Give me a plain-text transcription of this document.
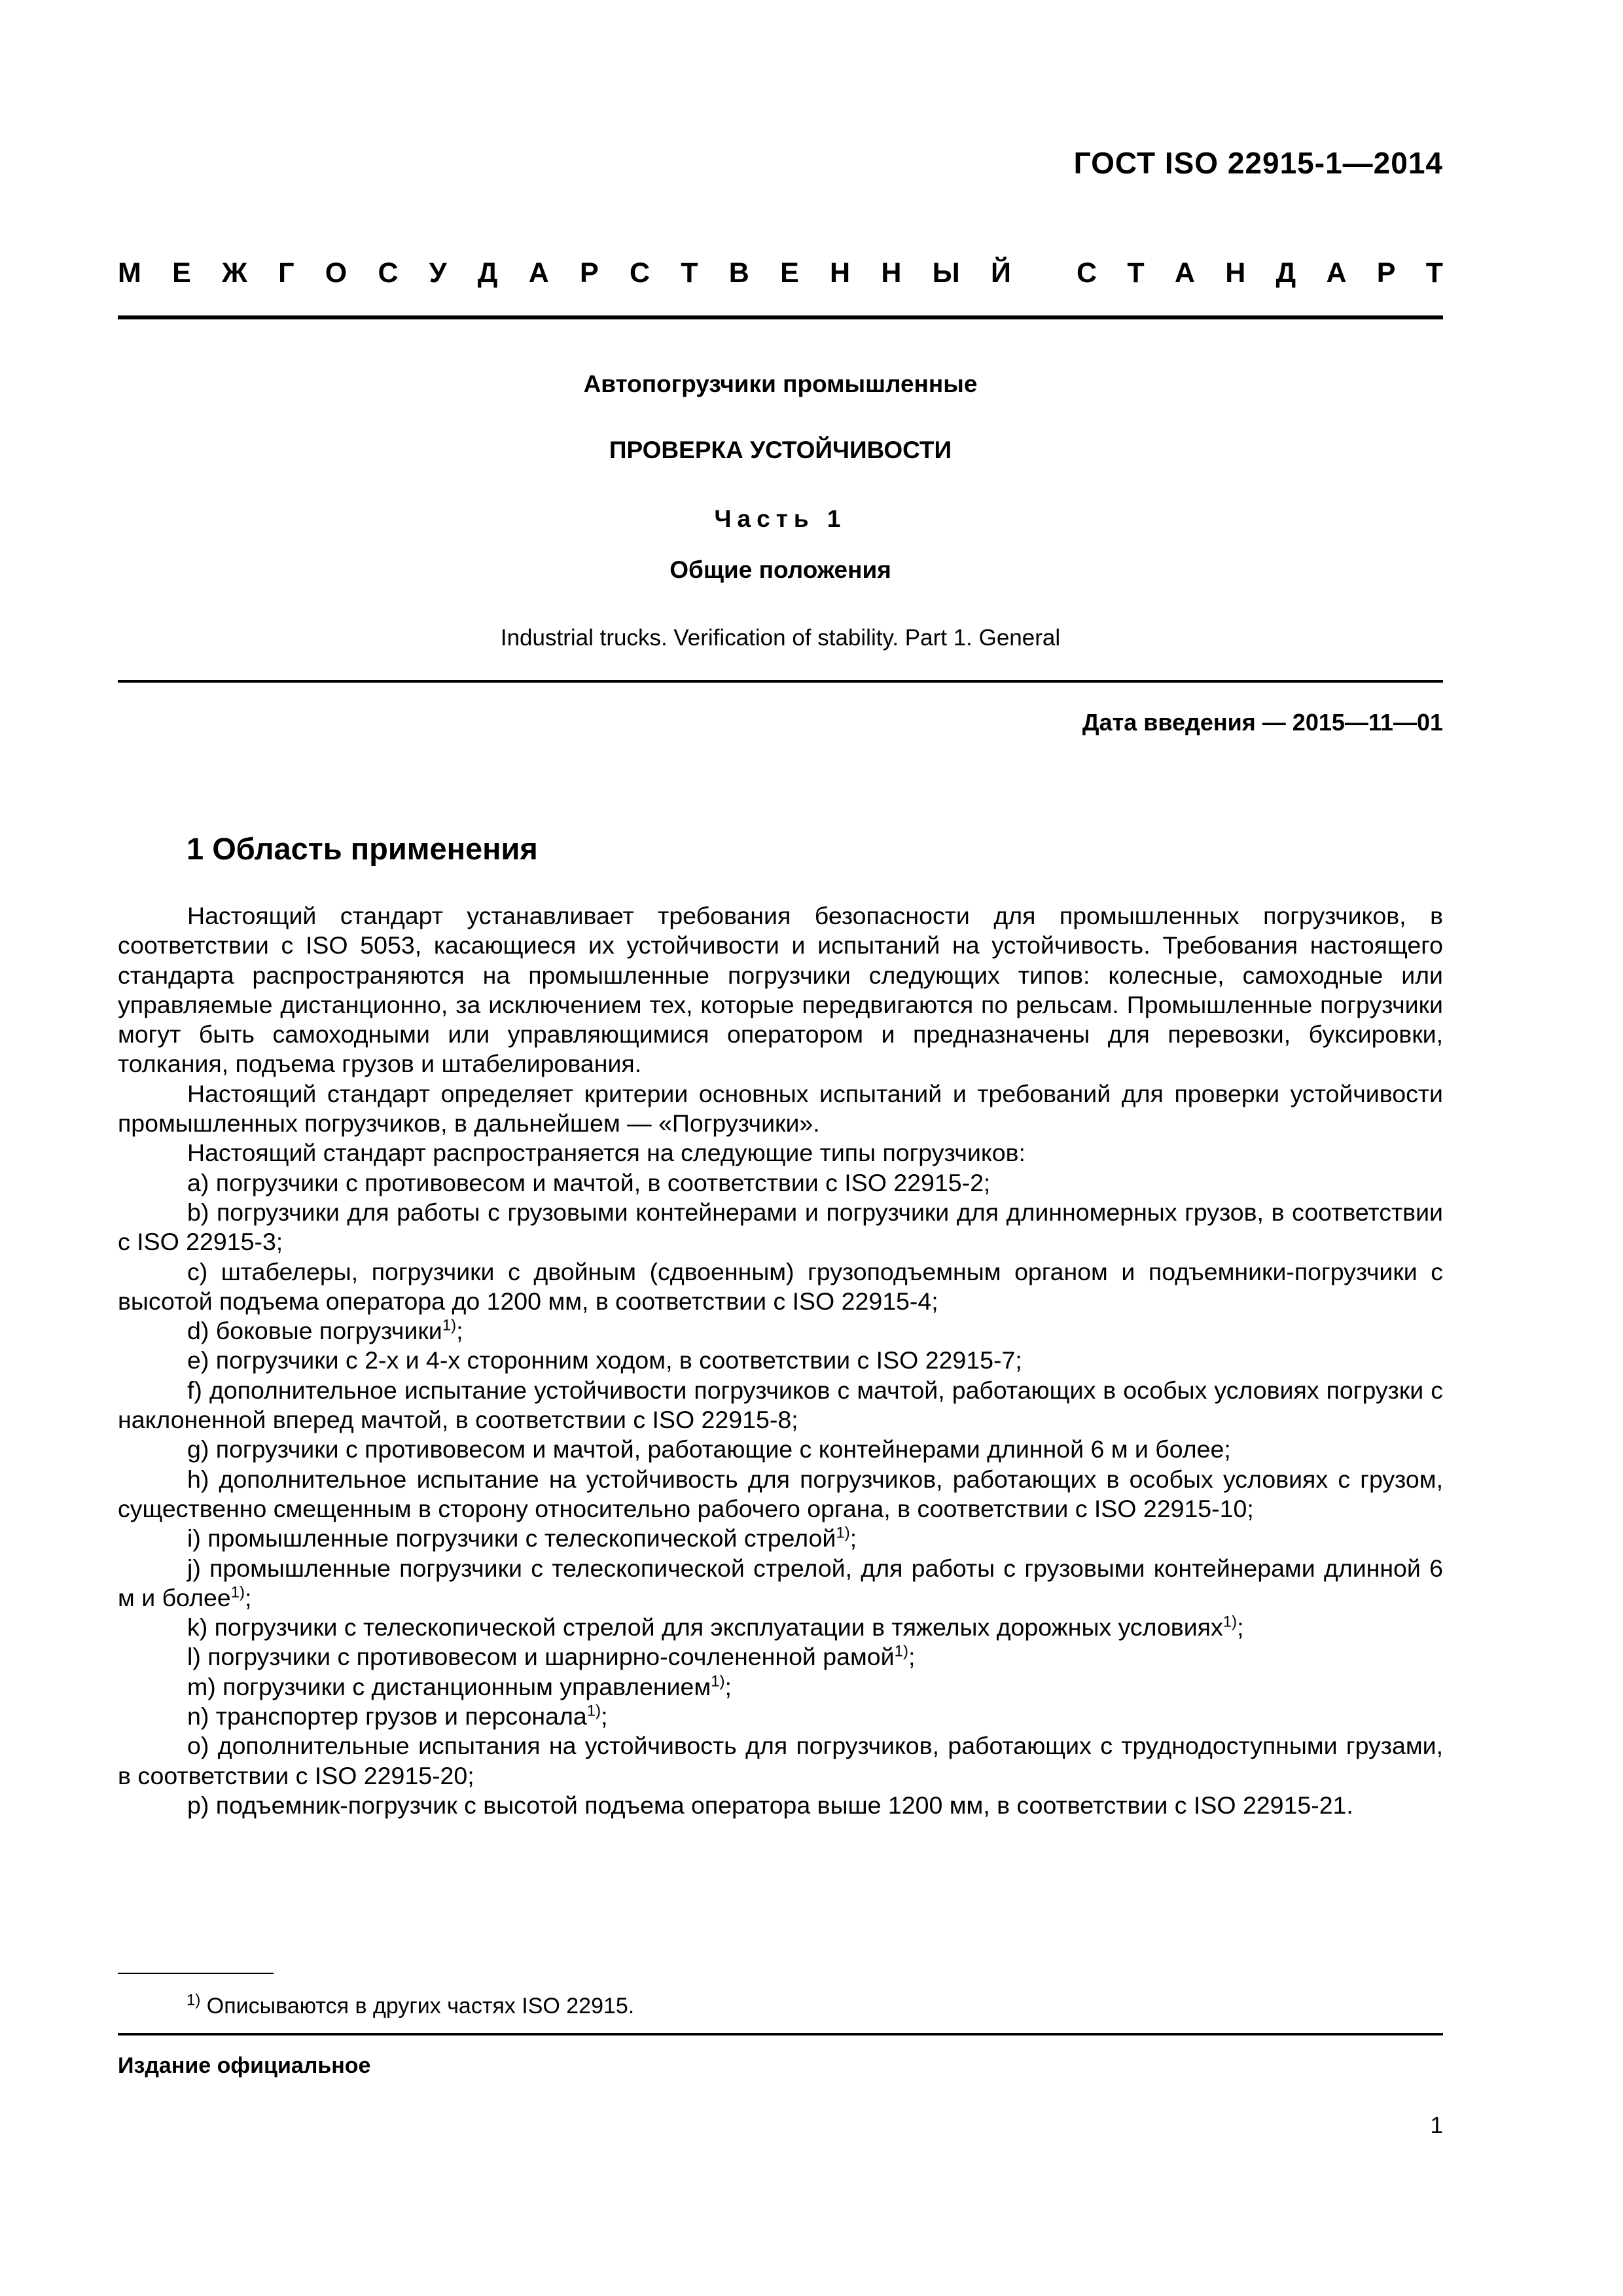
ГОСТ ISO 22915-1—2014
М Е Ж Г О С У Д А Р С Т В Е Н Н Ы Й С Т А Н Д А Р Т
Автопогрузчики промышленные
ПРОВЕРКА УСТОЙЧИВОСТИ
Часть 1
Общие положения
Industrial trucks. Verification of stability. Part 1. General
Дата введения — 2015—11—01
1 Область применения

Настоящий стандарт устанавливает требования безопасности для промышленных погрузчиков, в соответствии с ISO 5053, касающиеся их устойчивости и испытаний на устойчивость. Требования настоящего стандарта распространяются на промышленные погрузчики следующих типов: колесные, самоходные или управляемые дистанционно, за исключением тех, которые передвигаются по рельсам. Промышленные погрузчики могут быть самоходными или управляющимися оператором и предназначены для перевозки, буксировки, толкания, подъема грузов и штабелирования.

Настоящий стандарт определяет критерии основных испытаний и требований для проверки устойчивости промышленных погрузчиков, в дальнейшем — «Погрузчики».

Настоящий стандарт распространяется на следующие типы погрузчиков:

a) погрузчики с противовесом и мачтой, в соответствии с ISO 22915-2;

b) погрузчики для работы с грузовыми контейнерами и погрузчики для длинномерных грузов, в соответствии с ISO 22915-3;

c) штабелеры, погрузчики с двойным (сдвоенным) грузоподъемным органом и подъемники-погрузчики с высотой подъема оператора до 1200 мм, в соответствии с ISO 22915-4;

d) боковые погрузчики$^{1)}$;

e) погрузчики с 2-х и 4-х сторонним ходом, в соответствии с ISO 22915-7;

f) дополнительное испытание устойчивости погрузчиков с мачтой, работающих в особых условиях погрузки с наклоненной вперед мачтой, в соответствии с ISO 22915-8;

g) погрузчики с противовесом и мачтой, работающие с контейнерами длинной 6 м и более;

h) дополнительное испытание на устойчивость для погрузчиков, работающих в особых условиях с грузом, существенно смещенным в сторону относительно рабочего органа, в соответствии с ISO 22915-10;

i) промышленные погрузчики с телескопической стрелой$^{1)}$;

j) промышленные погрузчики с телескопической стрелой, для работы с грузовыми контейнерами длинной 6 м и более$^{1)}$;

k) погрузчики с телескопической стрелой для эксплуатации в тяжелых дорожных условиях$^{1)}$;

l) погрузчики с противовесом и шарнирно-сочлененной рамой$^{1)}$;

m) погрузчики с дистанционным управлением$^{1)}$;

n) транспортер грузов и персонала$^{1)}$;

o) дополнительные испытания на устойчивость для погрузчиков, работающих с труднодоступными грузами, в соответствии с ISO 22915-20;

p) подъемник-погрузчик с высотой подъема оператора выше 1200 мм, в соответствии с ISO 22915-21.

$^{1)}$ Описываются в других частях ISO 22915.
Издание официальное
1
